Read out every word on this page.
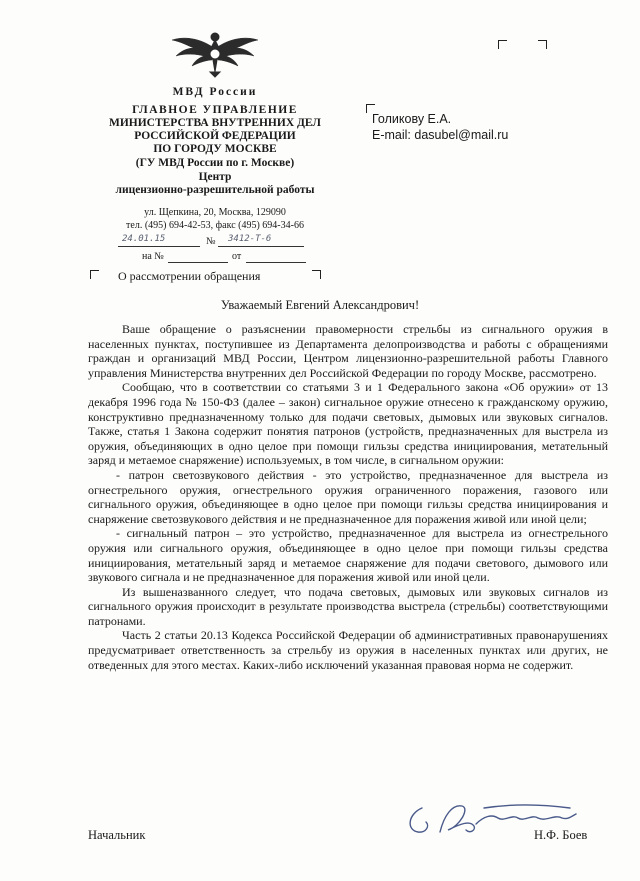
МВД России
ГЛАВНОЕ УПРАВЛЕНИЕ
МИНИСТЕРСТВА ВНУТРЕННИХ ДЕЛ
РОССИЙСКОЙ ФЕДЕРАЦИИ
ПО ГОРОДУ МОСКВЕ
(ГУ МВД России по г. Москве)
Центр
лицензионно-разрешительной работы
ул. Щепкина, 20, Москва, 129090
тел. (495) 694-42-53, факс (495) 694-34-66
24.01.15	№ 3412-Т-6
на №	от
О рассмотрении обращения
Голикову Е.А.
E-mail: dasubel@mail.ru
Уважаемый Евгений Александрович!

Ваше обращение о разъяснении правомерности стрельбы из сигнального оружия в населенных пунктах, поступившее из Департамента делопроизводства и работы с обращениями граждан и организаций МВД России, Центром лицензионно-разрешительной работы Главного управления Министерства внутренних дел Российской Федерации по городу Москве, рассмотрено.

Сообщаю, что в соответствии со статьями 3 и 1 Федерального закона «Об оружии» от 13 декабря 1996 года № 150-ФЗ (далее – закон) сигнальное оружие отнесено к гражданскому оружию, конструктивно предназначенному только для подачи световых, дымовых или звуковых сигналов. Также, статья 1 Закона содержит понятия патронов (устройств, предназначенных для выстрела из оружия, объединяющих в одно целое при помощи гильзы средства инициирования, метательный заряд и метаемое снаряжение) используемых, в том числе, в сигнальном оружии:

- патрон светозвукового действия - это устройство, предназначенное для выстрела из огнестрельного оружия, огнестрельного оружия ограниченного поражения, газового или сигнального оружия, объединяющее в одно целое при помощи гильзы средства инициирования и снаряжение светозвукового действия и не предназначенное для поражения живой или иной цели;

- сигнальный патрон – это устройство, предназначенное для выстрела из огнестрельного оружия или сигнального оружия, объединяющее в одно целое при помощи гильзы средства инициирования, метательный заряд и метаемое снаряжение для подачи светового, дымового или звукового сигнала и не предназначенное для поражения живой или иной цели.

Из вышеназванного следует, что подача световых, дымовых или звуковых сигналов из сигнального оружия происходит в результате производства выстрела (стрельбы) соответствующими патронами.

Часть 2 статьи 20.13 Кодекса Российской Федерации об административных правонарушениях предусматривает ответственность за стрельбу из оружия в населенных пунктах или других, не отведенных для этого местах. Каких-либо исключений указанная правовая норма не содержит.

Начальник	Н.Ф. Боев
